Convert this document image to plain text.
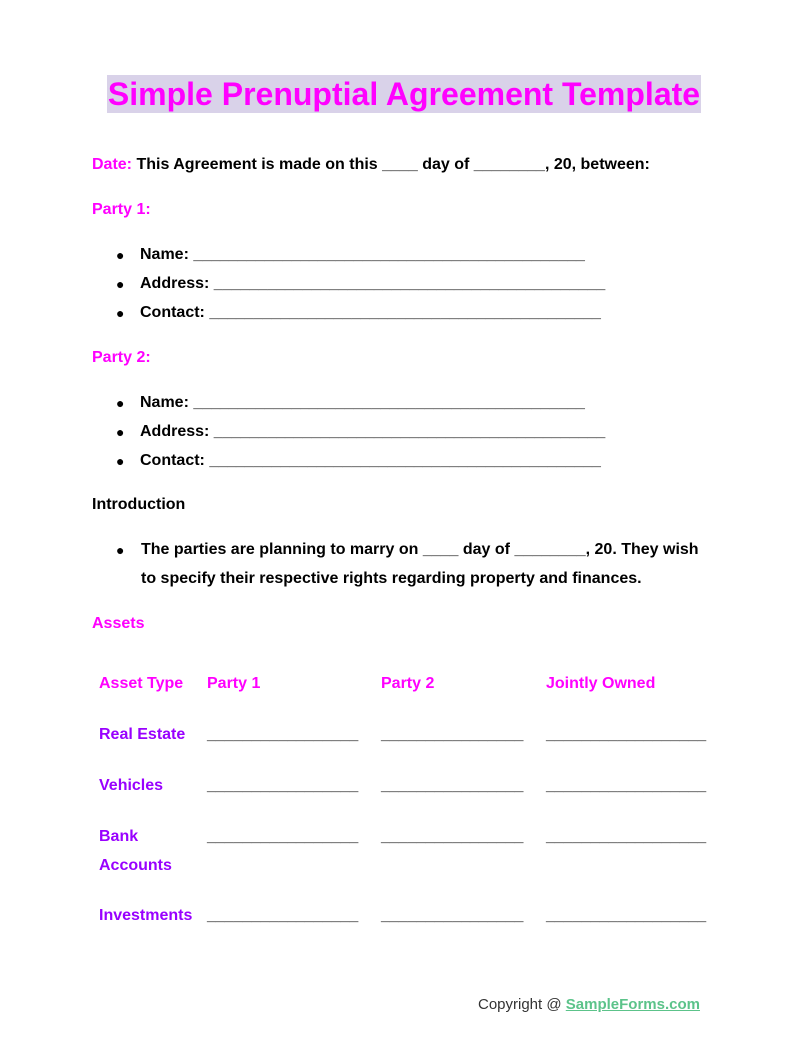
Simple Prenuptial Agreement Template
Date: This Agreement is made on this ____ day of ________, 20, between:
Party 1:
● Name: ____________________________________________
● Address: ____________________________________________
● Contact: ____________________________________________
Party 2:
● Name: ____________________________________________
● Address: ____________________________________________
● Contact: ____________________________________________
Introduction
● The parties are planning to marry on ____ day of ________, 20. They wish
to specify their respective rights regarding property and finances.
Assets
Asset Type Party 1	Party 2	Jointly Owned
Real Estate _________________ ________________ __________________
Vehicles	_________________ ________________ __________________
Bank
Accounts
_________________ ________________ __________________
Investments _________________ ________________ __________________
Copyright @ SampleForms.com
